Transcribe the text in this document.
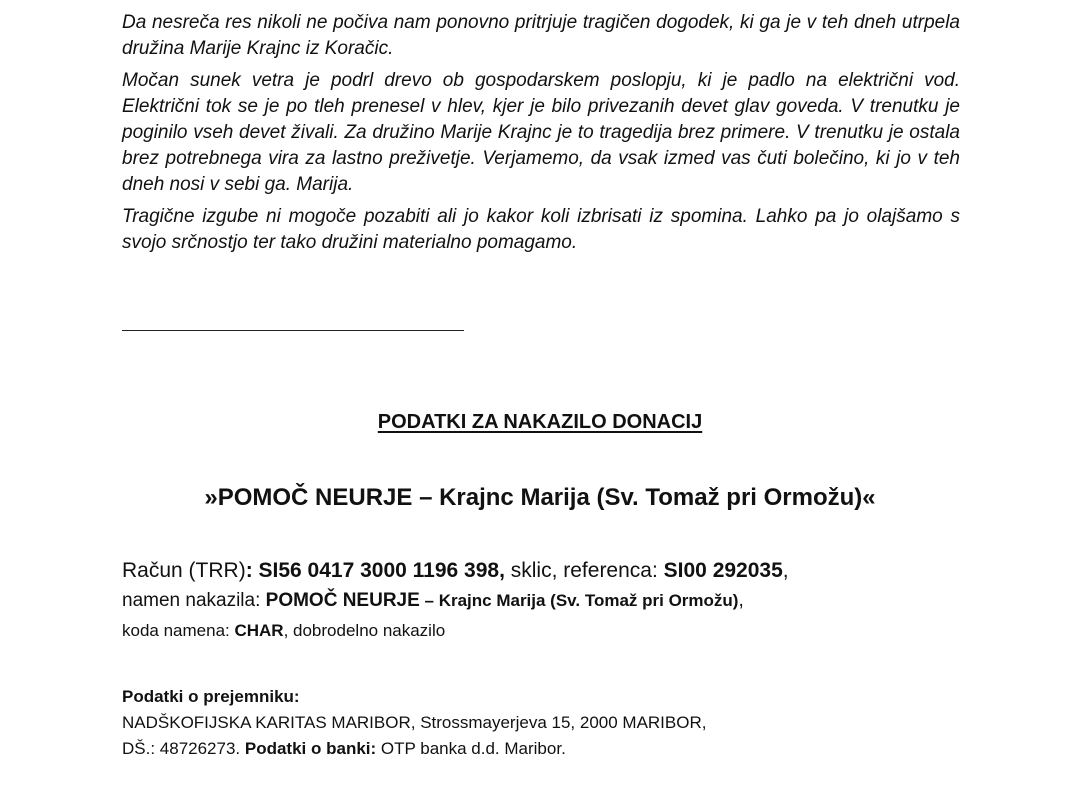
Da nesreča res nikoli ne počiva nam ponovno pritrjuje tragičen dogodek, ki ga je v teh dneh utrpela družina Marije Krajnc iz Koračic.

Močan sunek vetra je podrl drevo ob gospodarskem poslopju, ki je padlo na električni vod. Električni tok se je po tleh prenesel v hlev, kjer je bilo privezanih devet glav goveda. V trenutku je poginilo vseh devet živali. Za družino Marije Krajnc je to tragedija brez primere. V trenutku je ostala brez potrebnega vira za lastno preživetje. Verjamemo, da vsak izmed vas čuti bolečino, ki jo v teh dneh nosi v sebi ga. Marija.

Tragične izgube ni mogoče pozabiti ali jo kakor koli izbrisati iz spomina. Lahko pa jo olajšamo s svojo srčnostjo ter tako družini materialno pomagamo.

PODATKI ZA NAKAZILO DONACIJ
»POMOČ NEURJE – Krajnc Marija (Sv. Tomaž pri Ormožu)«
Račun (TRR): SI56 0417 3000 1196 398, sklic, referenca: SI00 292035,
namen nakazila: POMOČ NEURJE – Krajnc Marija (Sv. Tomaž pri Ormožu),
koda namena: CHAR, dobrodelno nakazilo
Podatki o prejemniku:
NADŠKOFIJSKA KARITAS MARIBOR, Strossmayerjeva 15, 2000 MARIBOR,
DŠ.: 48726273. Podatki o banki: OTP banka d.d. Maribor.
